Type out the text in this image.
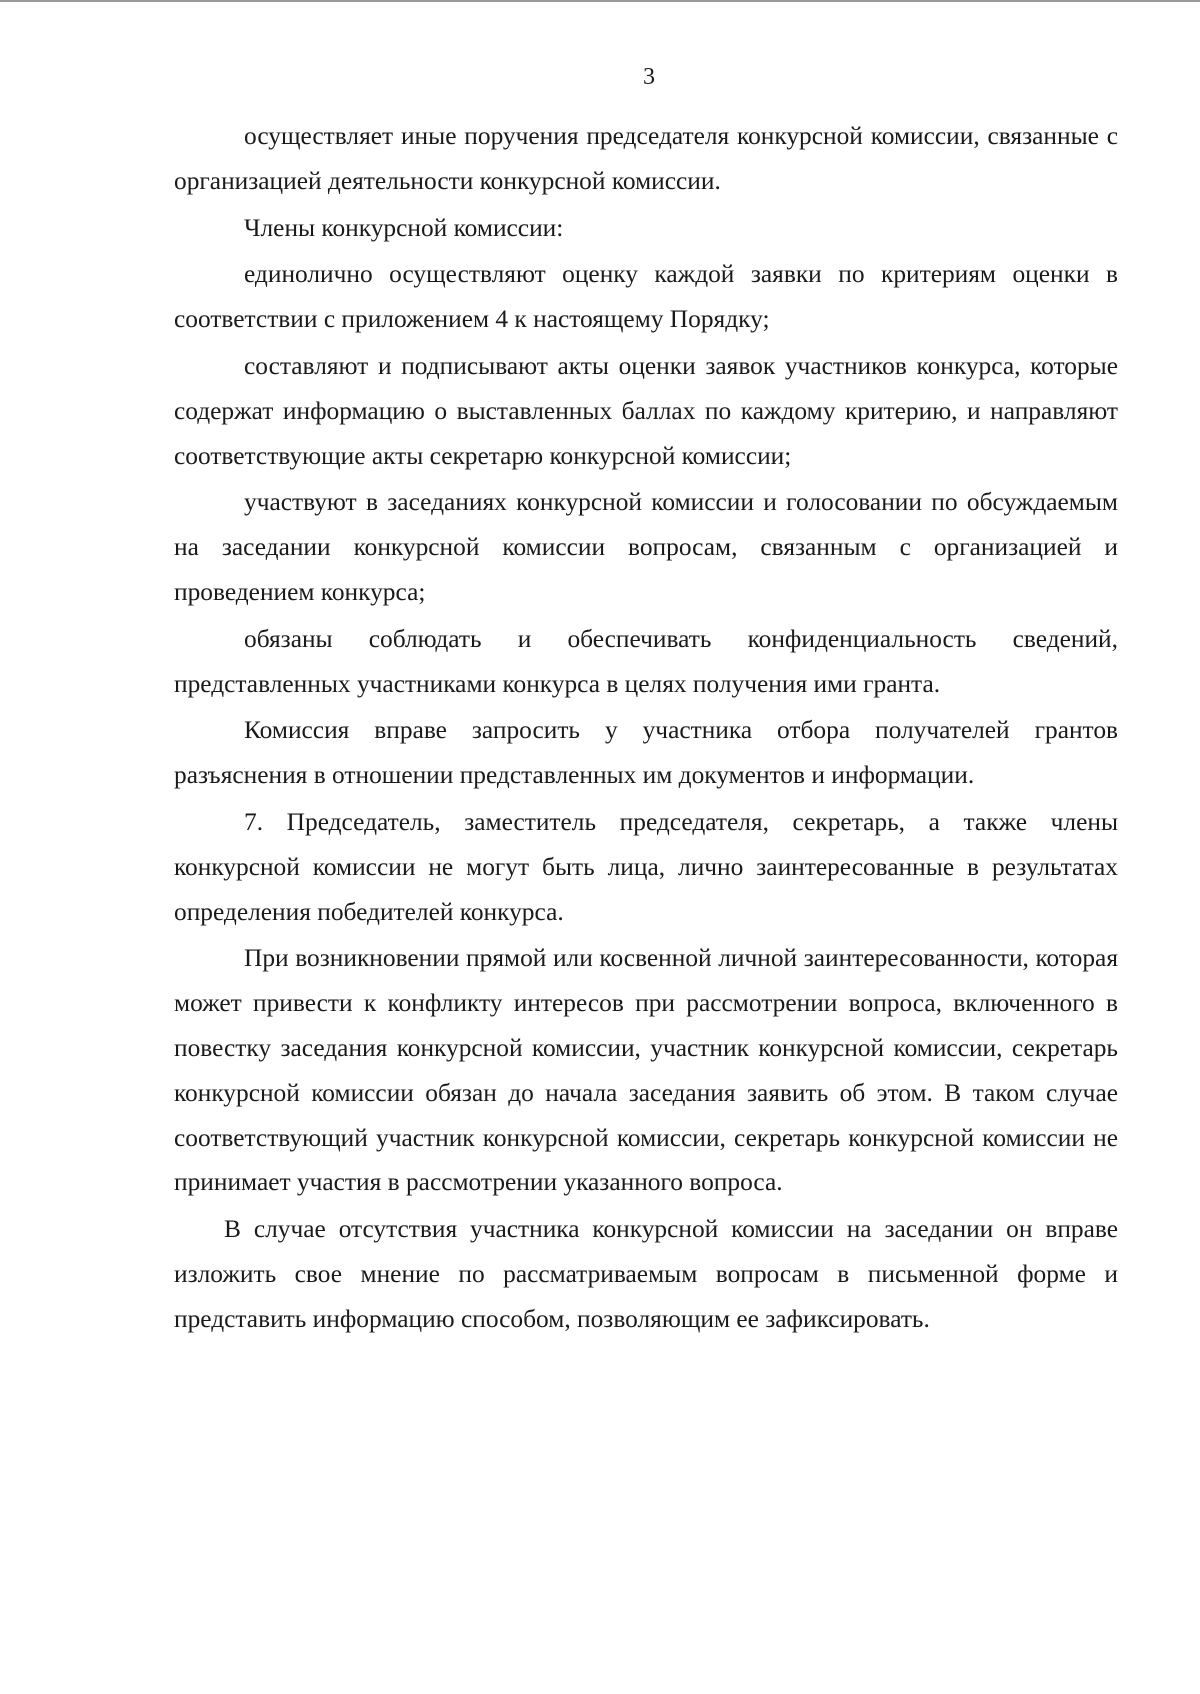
3

осуществляет иные поручения председателя конкурсной комиссии, связанные с организацией деятельности конкурсной комиссии.

Члены конкурсной комиссии:

единолично осуществляют оценку каждой заявки по критериям оценки в соответствии с приложением 4 к настоящему Порядку;

составляют и подписывают акты оценки заявок участников конкурса, которые содержат информацию о выставленных баллах по каждому критерию, и направляют соответствующие акты секретарю конкурсной комиссии;

участвуют в заседаниях конкурсной комиссии и голосовании по обсуждаемым на заседании конкурсной комиссии вопросам, связанным с организацией и проведением конкурса;

обязаны соблюдать и обеспечивать конфиденциальность сведений, представленных участниками конкурса в целях получения ими гранта.

Комиссия вправе запросить у участника отбора получателей грантов разъяснения в отношении представленных им документов и информации.

7. Председатель, заместитель председателя, секретарь, а также члены конкурсной комиссии не могут быть лица, лично заинтересованные в результатах определения победителей конкурса.

При возникновении прямой или косвенной личной заинтересованности, которая может привести к конфликту интересов при рассмотрении вопроса, включенного в повестку заседания конкурсной комиссии, участник конкурсной комиссии, секретарь конкурсной комиссии обязан до начала заседания заявить об этом. В таком случае соответствующий участник конкурсной комиссии, секретарь конкурсной комиссии не принимает участия в рассмотрении указанного вопроса.

В случае отсутствия участника конкурсной комиссии на заседании он вправе изложить свое мнение по рассматриваемым вопросам в письменной форме и представить информацию способом, позволяющим ее зафиксировать.
